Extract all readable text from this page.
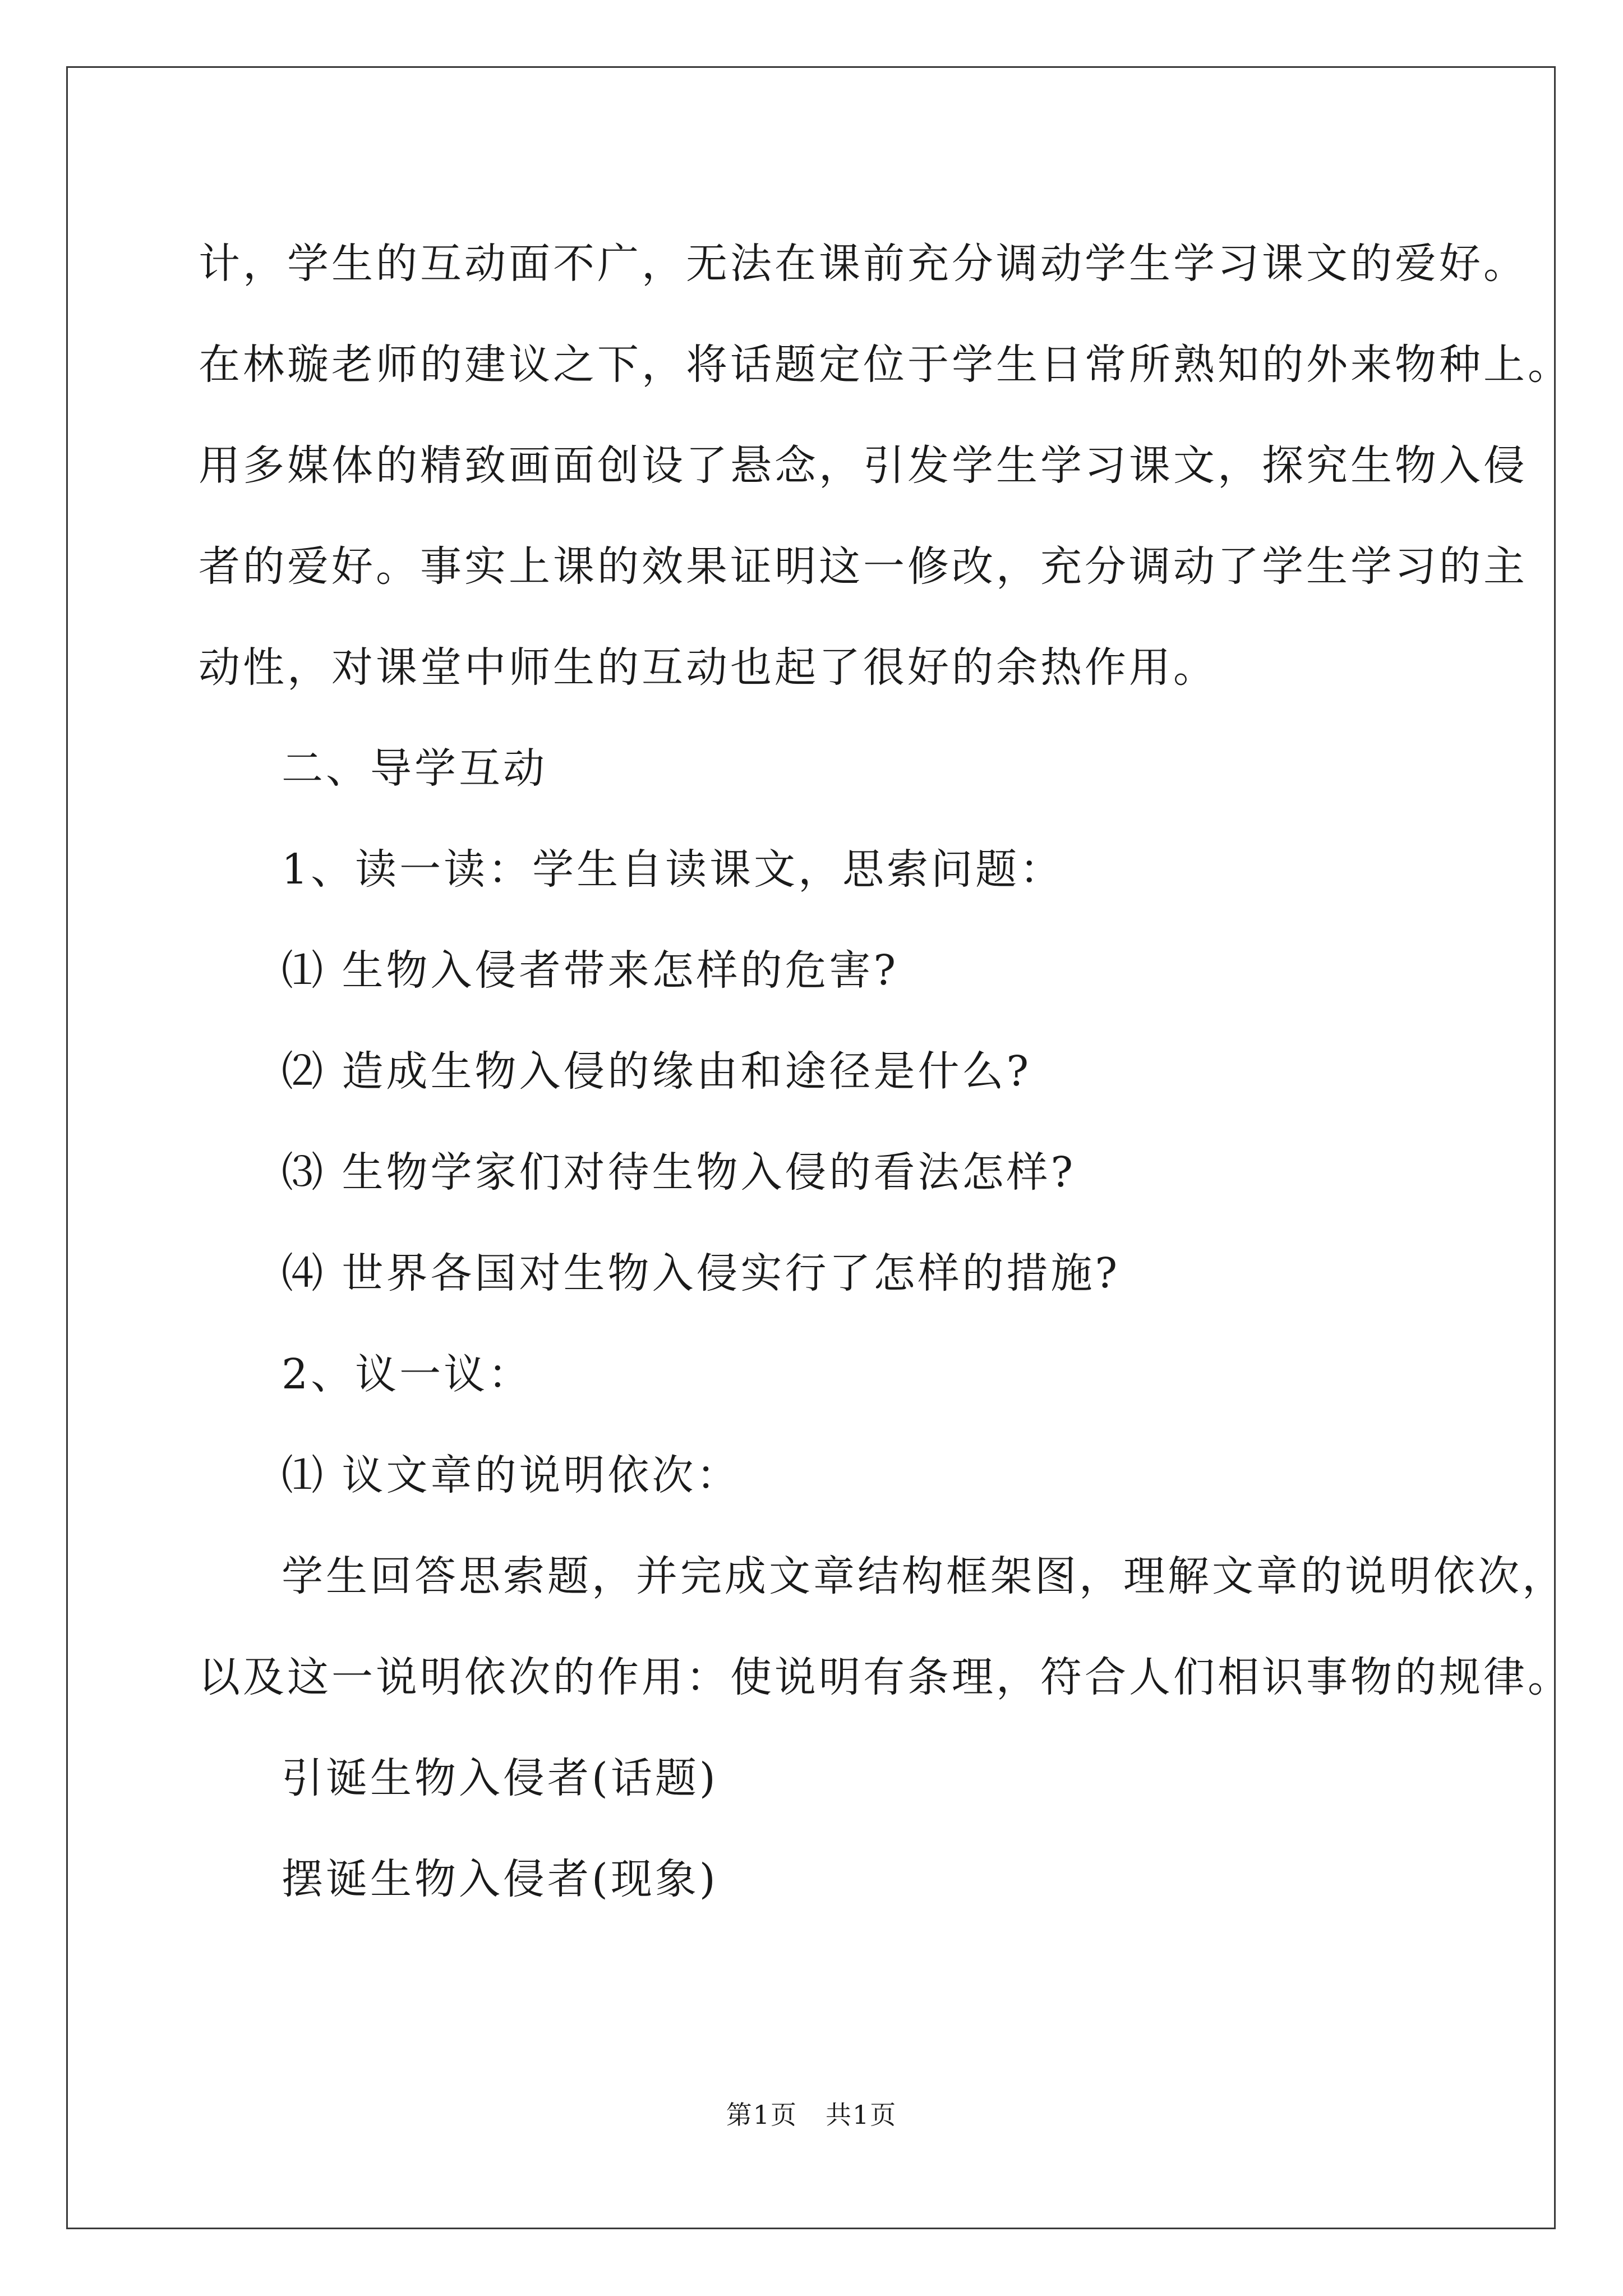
计，学生的互动面不广，无法在课前充分调动学生学习课文的爱好。
在林璇老师的建议之下，将话题定位于学生日常所熟知的外来物种上。
用多媒体的精致画面创设了悬念，引发学生学习课文，探究生物入侵
者的爱好。事实上课的效果证明这一修改，充分调动了学生学习的主
动性，对课堂中师生的互动也起了很好的余热作用。
二、导学互动
1、读一读：学生自读课文，思索问题：
⑴ 生物入侵者带来怎样的危害?
⑵ 造成生物入侵的缘由和途径是什么?
⑶ 生物学家们对待生物入侵的看法怎样?
⑷ 世界各国对生物入侵实行了怎样的措施?
2、议一议：
⑴ 议文章的说明依次：
学生回答思索题，并完成文章结构框架图，理解文章的说明依次，
以及这一说明依次的作用：使说明有条理，符合人们相识事物的规律。
引诞生物入侵者(话题)
摆诞生物入侵者(现象)
第1页 共1页
